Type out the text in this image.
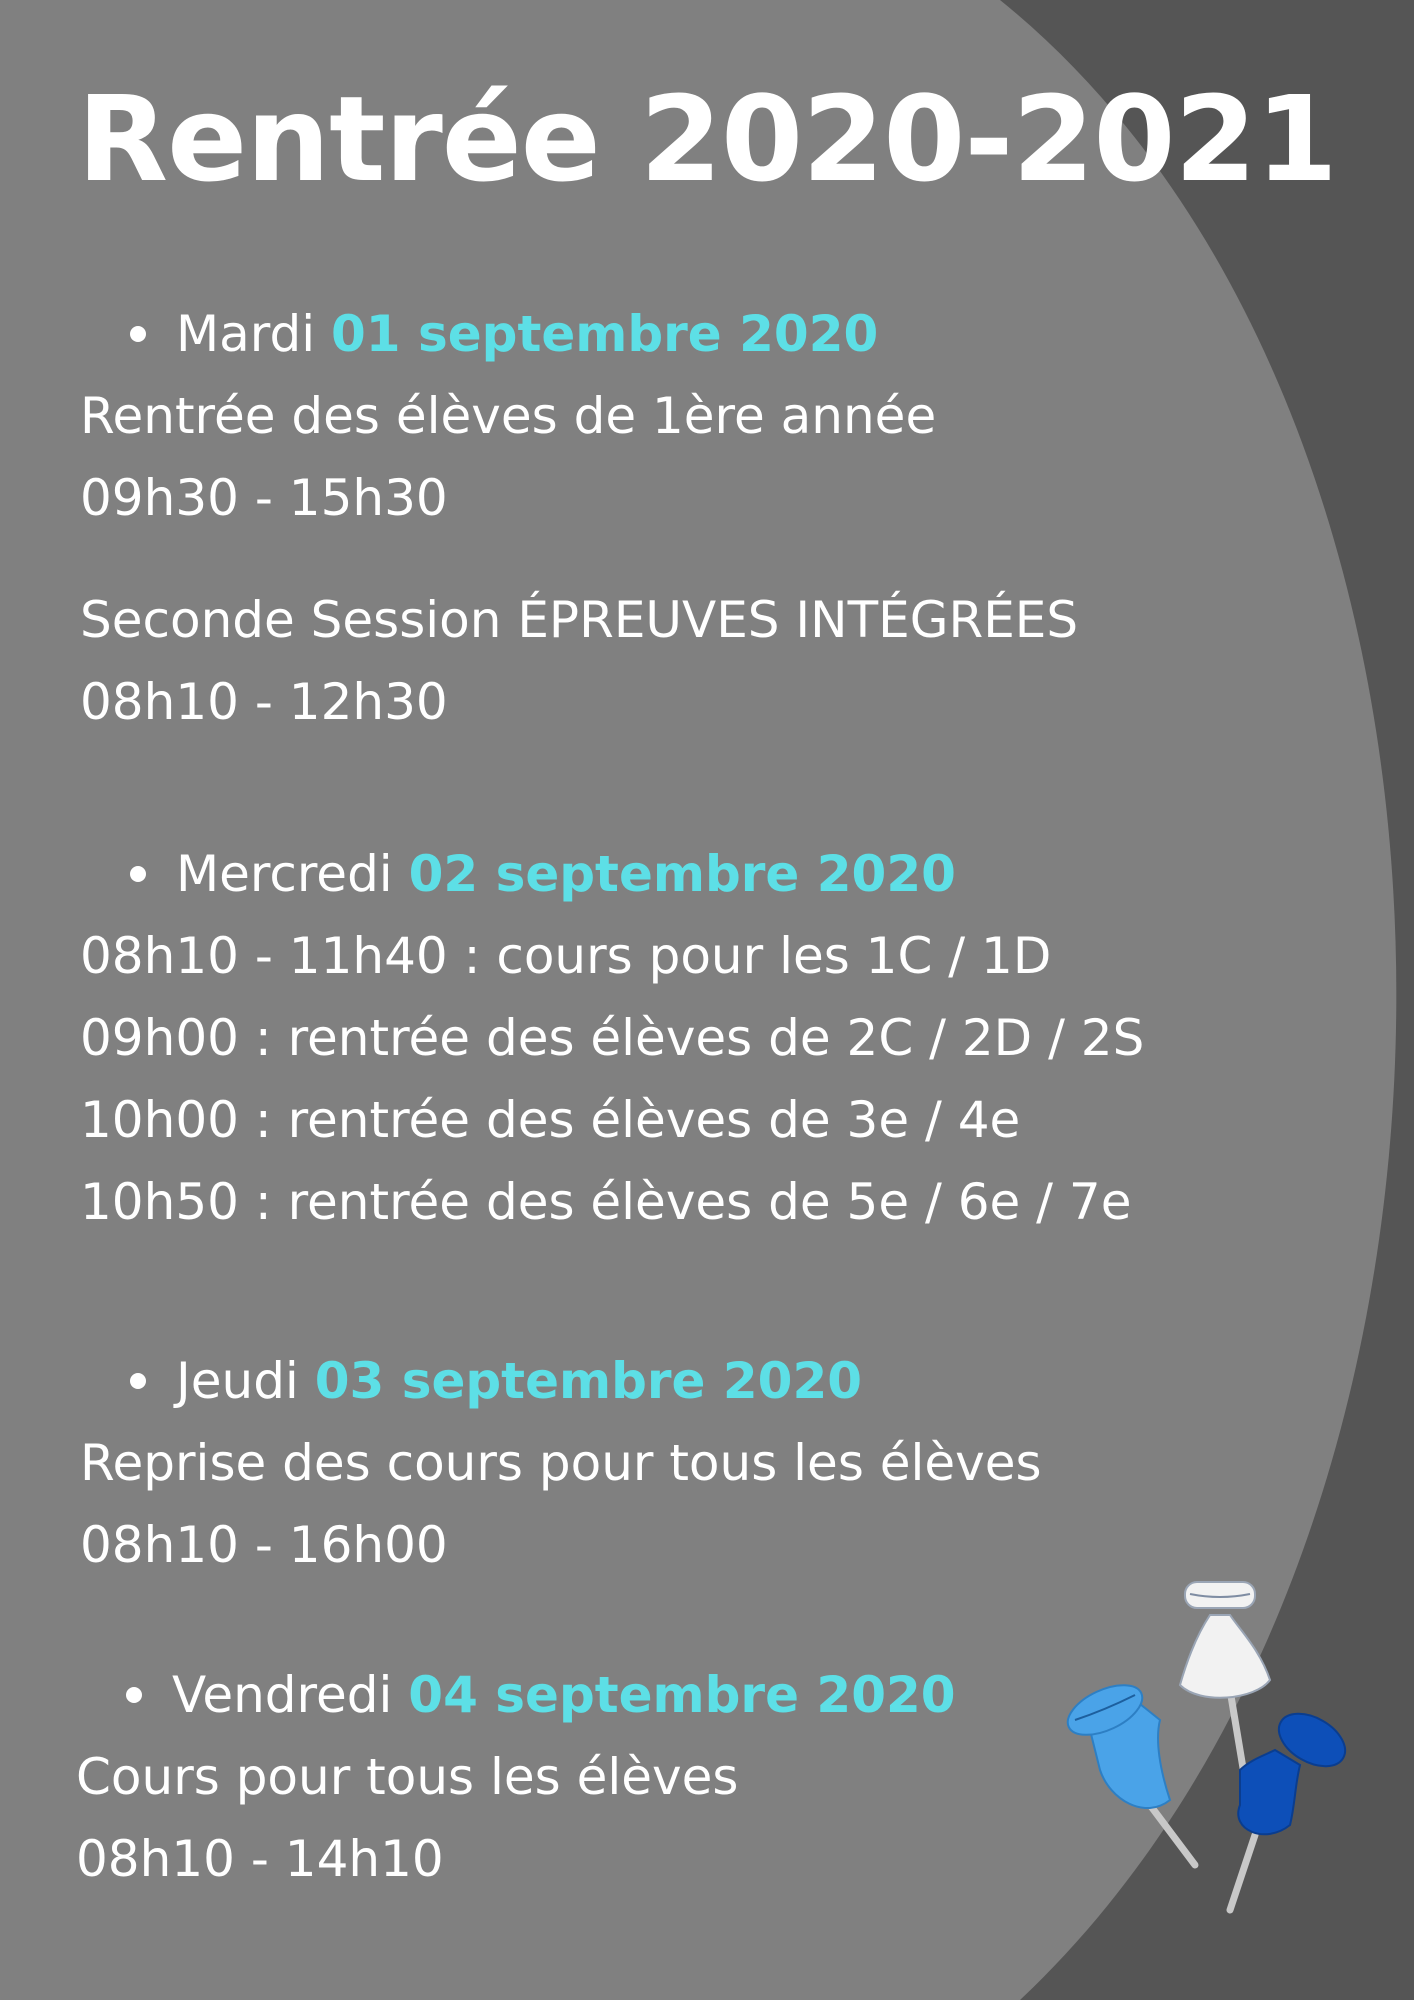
Rentrée 2020-2021
Mardi 01 septembre 2020
Rentrée des élèves de 1ère année
09h30 - 15h30
Seconde Session ÉPREUVES INTÉGRÉES
08h10 - 12h30
Mercredi 02 septembre 2020
08h10 - 11h40 : cours pour les 1C / 1D
09h00 : rentrée des élèves de 2C / 2D / 2S
10h00 : rentrée des élèves de 3e / 4e
10h50 : rentrée des élèves de 5e / 6e / 7e
Jeudi 03 septembre 2020
Reprise des cours pour tous les élèves
08h10 - 16h00
Vendredi 04 septembre 2020
Cours pour tous les élèves
08h10 - 14h10
